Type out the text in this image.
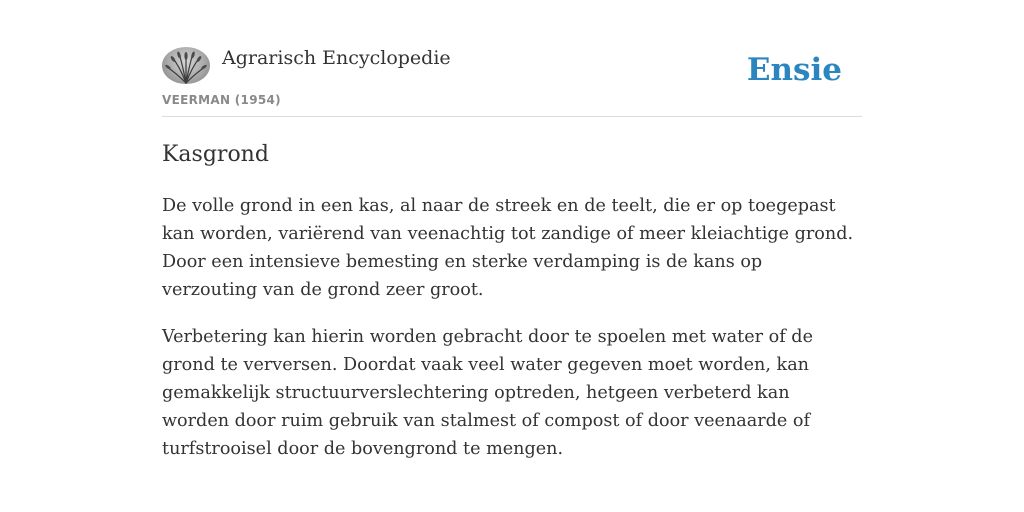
Agrarisch Encyclopedie
VEERMAN (1954)
Ensie
Kasgrond

De volle grond in een kas, al naar de streek en de teelt, die er op toegepast kan worden, variërend van veenachtig tot zandige of meer kleiachtige grond. Door een intensieve bemesting en sterke verdamping is de kans op verzouting van de grond zeer groot.

Verbetering kan hierin worden gebracht door te spoelen met water of de grond te verversen. Doordat vaak veel water gegeven moet worden, kan gemakkelijk structuurverslechtering optreden, hetgeen verbeterd kan worden door ruim gebruik van stalmest of compost of door veenaarde of turfstrooisel door de bovengrond te mengen.
